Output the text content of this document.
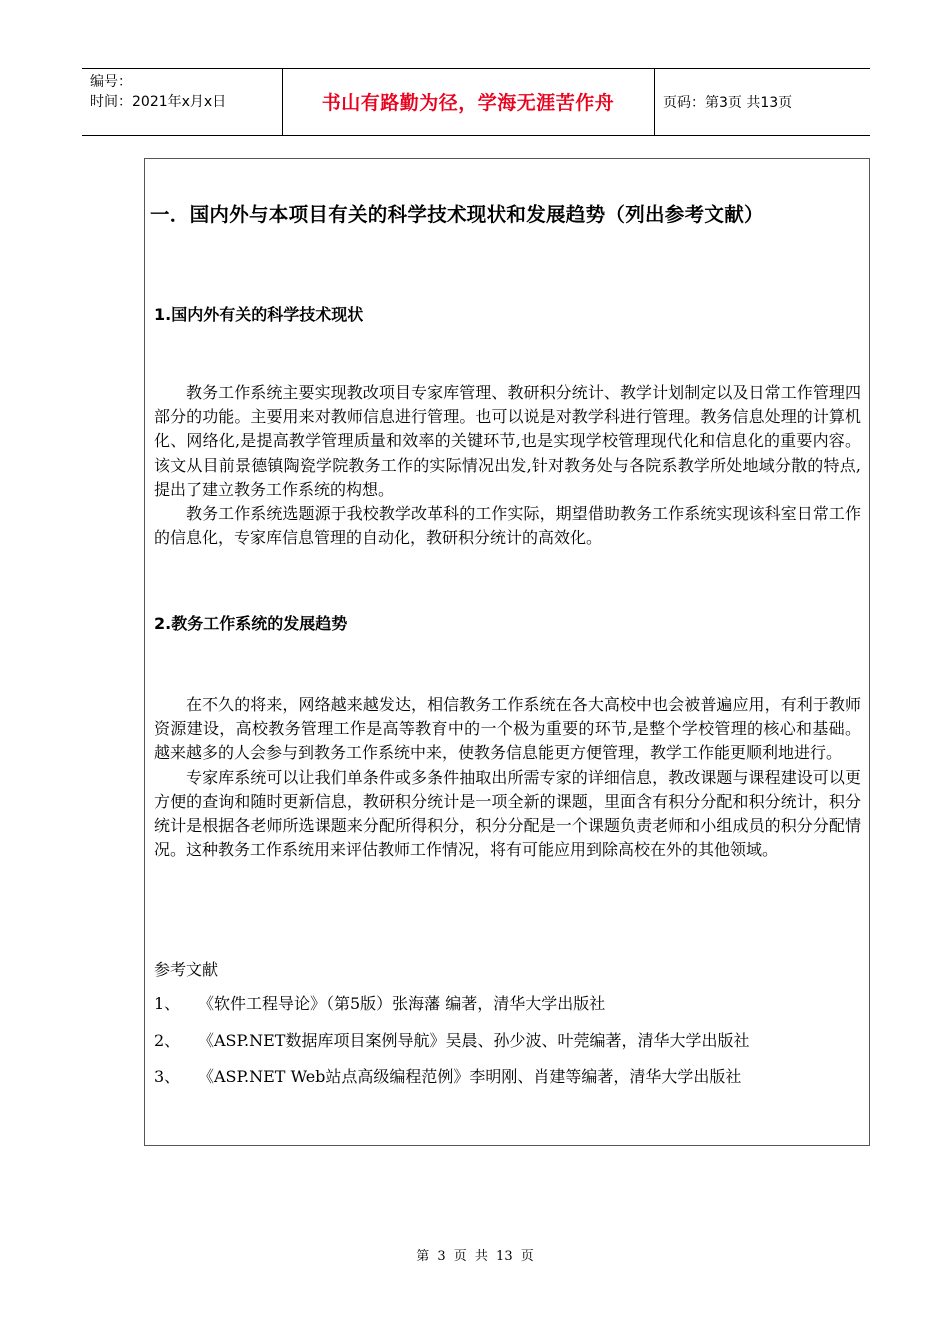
编号：
时间：2021年x月x日	书山有路勤为径，学海无涯苦作舟	页码：第3页 共13页
一．国内外与本项目有关的科学技术现状和发展趋势（列出参考文献）
1.国内外有关的科学技术现状

教务工作系统主要实现教改项目专家库管理、教研积分统计、教学计划制定以及日常工作管理四部分的功能。主要用来对教师信息进行管理。也可以说是对教学科进行管理。教务信息处理的计算机化、网络化,是提高教学管理质量和效率的关键环节,也是实现学校管理现代化和信息化的重要内容。该文从目前景德镇陶瓷学院教务工作的实际情况出发,针对教务处与各院系教学所处地域分散的特点,提出了建立教务工作系统的构想。

教务工作系统选题源于我校教学改革科的工作实际，期望借助教务工作系统实现该科室日常工作的信息化，专家库信息管理的自动化，教研积分统计的高效化。

2.教务工作系统的发展趋势

在不久的将来，网络越来越发达，相信教务工作系统在各大高校中也会被普遍应用，有利于教师资源建设，高校教务管理工作是高等教育中的一个极为重要的环节,是整个学校管理的核心和基础。越来越多的人会参与到教务工作系统中来，使教务信息能更方便管理，教学工作能更顺利地进行。

专家库系统可以让我们单条件或多条件抽取出所需专家的详细信息，教改课题与课程建设可以更方便的查询和随时更新信息，教研积分统计是一项全新的课题，里面含有积分分配和积分统计，积分统计是根据各老师所选课题来分配所得积分，积分分配是一个课题负责老师和小组成员的积分分配情况。这种教务工作系统用来评估教师工作情况，将有可能应用到除高校在外的其他领域。

参考文献
1、 《软件工程导论》（第5版）张海藩 编著，清华大学出版社
2、 《ASP.NET数据库项目案例导航》吴晨、孙少波、叶莞编著，清华大学出版社
3、 《ASP.NET Web站点高级编程范例》李明刚、肖建等编著，清华大学出版社
第 3 页 共 13 页
